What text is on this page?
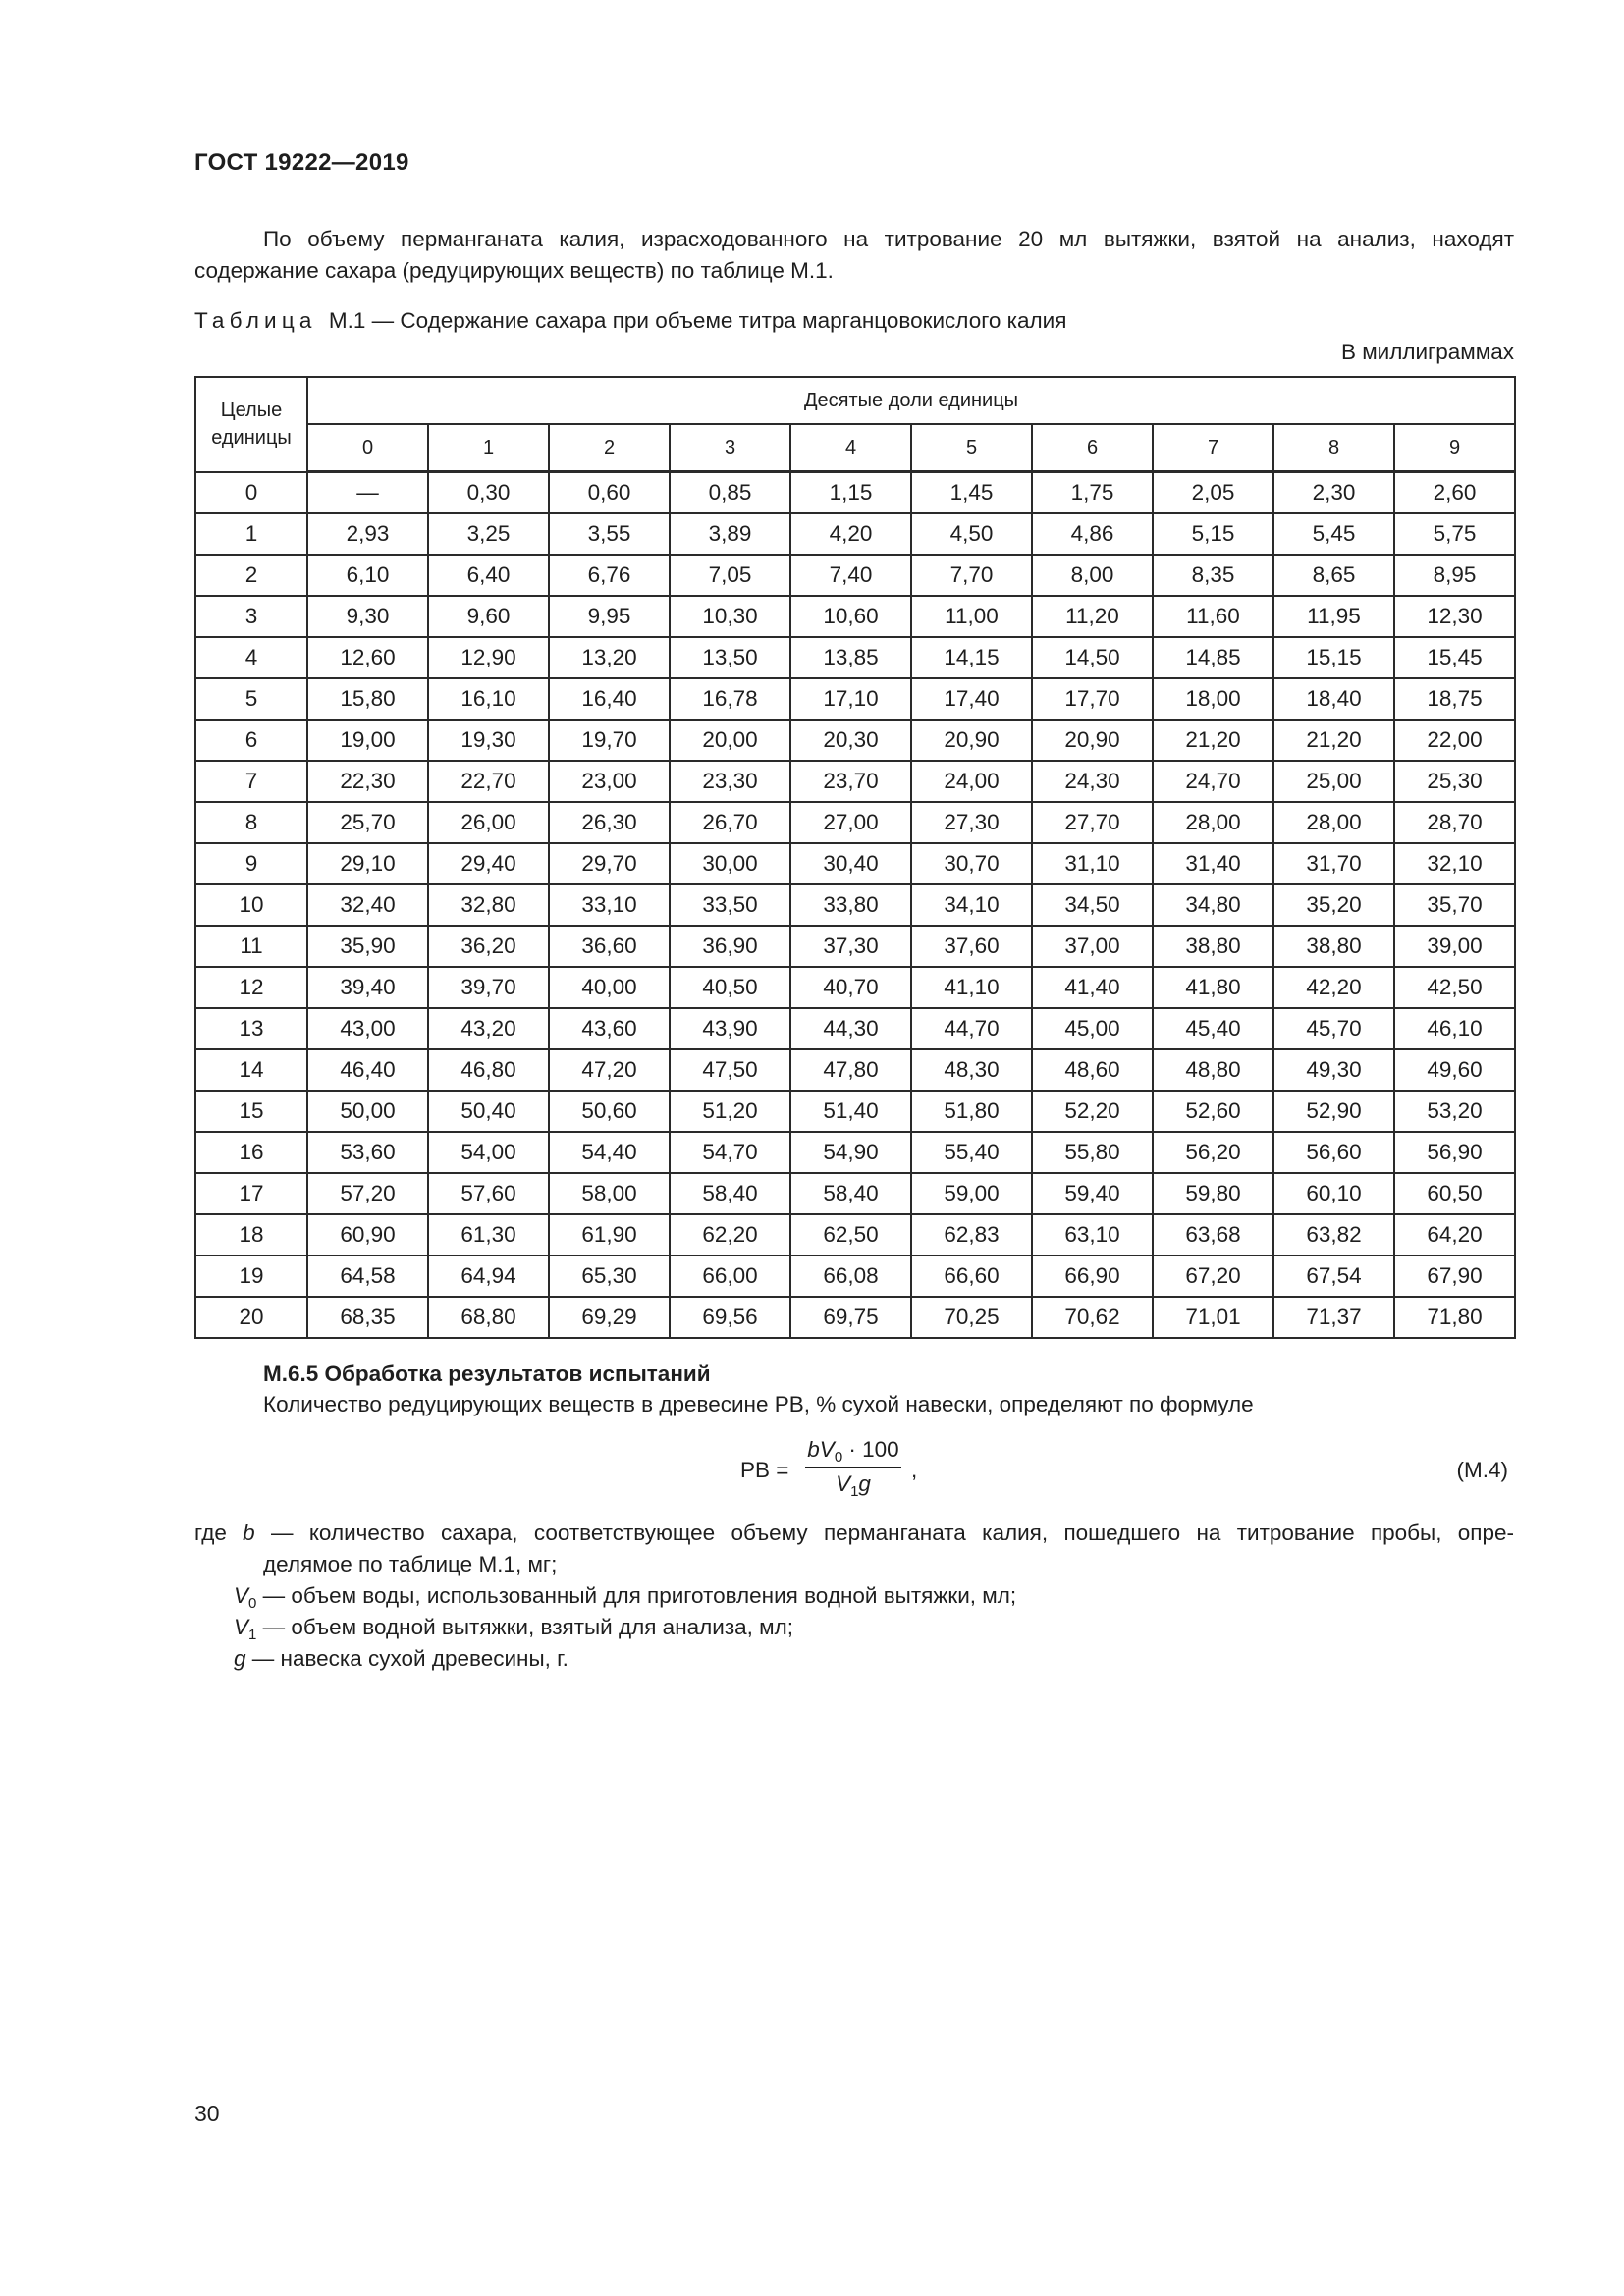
ГОСТ 19222—2019
По объему перманганата калия, израсходованного на титрование 20 мл вытяжки, взятой на анализ, находят
содержание сахара (редуцирующих веществ) по таблице М.1.
Таблица М.1 — Содержание сахара при объеме титра марганцовокислого калия
В миллиграммах
Целые единицы	Десятые доли единицы									
	0	1	2	3	4	5	6	7	8	9
0	—	0,30	0,60	0,85	1,15	1,45	1,75	2,05	2,30	2,60
1	2,93	3,25	3,55	3,89	4,20	4,50	4,86	5,15	5,45	5,75
2	6,10	6,40	6,76	7,05	7,40	7,70	8,00	8,35	8,65	8,95
3	9,30	9,60	9,95	10,30	10,60	11,00	11,20	11,60	11,95	12,30
4	12,60	12,90	13,20	13,50	13,85	14,15	14,50	14,85	15,15	15,45
5	15,80	16,10	16,40	16,78	17,10	17,40	17,70	18,00	18,40	18,75
6	19,00	19,30	19,70	20,00	20,30	20,90	20,90	21,20	21,20	22,00
7	22,30	22,70	23,00	23,30	23,70	24,00	24,30	24,70	25,00	25,30
8	25,70	26,00	26,30	26,70	27,00	27,30	27,70	28,00	28,00	28,70
9	29,10	29,40	29,70	30,00	30,40	30,70	31,10	31,40	31,70	32,10
10	32,40	32,80	33,10	33,50	33,80	34,10	34,50	34,80	35,20	35,70
11	35,90	36,20	36,60	36,90	37,30	37,60	37,00	38,80	38,80	39,00
12	39,40	39,70	40,00	40,50	40,70	41,10	41,40	41,80	42,20	42,50
13	43,00	43,20	43,60	43,90	44,30	44,70	45,00	45,40	45,70	46,10
14	46,40	46,80	47,20	47,50	47,80	48,30	48,60	48,80	49,30	49,60
15	50,00	50,40	50,60	51,20	51,40	51,80	52,20	52,60	52,90	53,20
16	53,60	54,00	54,40	54,70	54,90	55,40	55,80	56,20	56,60	56,90
17	57,20	57,60	58,00	58,40	58,40	59,00	59,40	59,80	60,10	60,50
18	60,90	61,30	61,90	62,20	62,50	62,83	63,10	63,68	63,82	64,20
19	64,58	64,94	65,30	66,00	66,08	66,60	66,90	67,20	67,54	67,90
20	68,35	68,80	69,29	69,56	69,75	70,25	70,62	71,01	71,37	71,80
М.6.5 Обработка результатов испытаний
Количество редуцирующих веществ в древесине РВ, % сухой навески, определяют по формуле
РВ =
$bV_0 \cdot 100$
$V_1g$
,	(М.4)
где b — количество сахара, соответствующее объему перманганата калия, пошедшего на титрование пробы, опре-
делямое по таблице М.1, мг;
$V_0$ — объем воды, использованный для приготовления водной вытяжки, мл;
$V_1$ — объем водной вытяжки, взятый для анализа, мл;
g — навеска сухой древесины, г.
30
